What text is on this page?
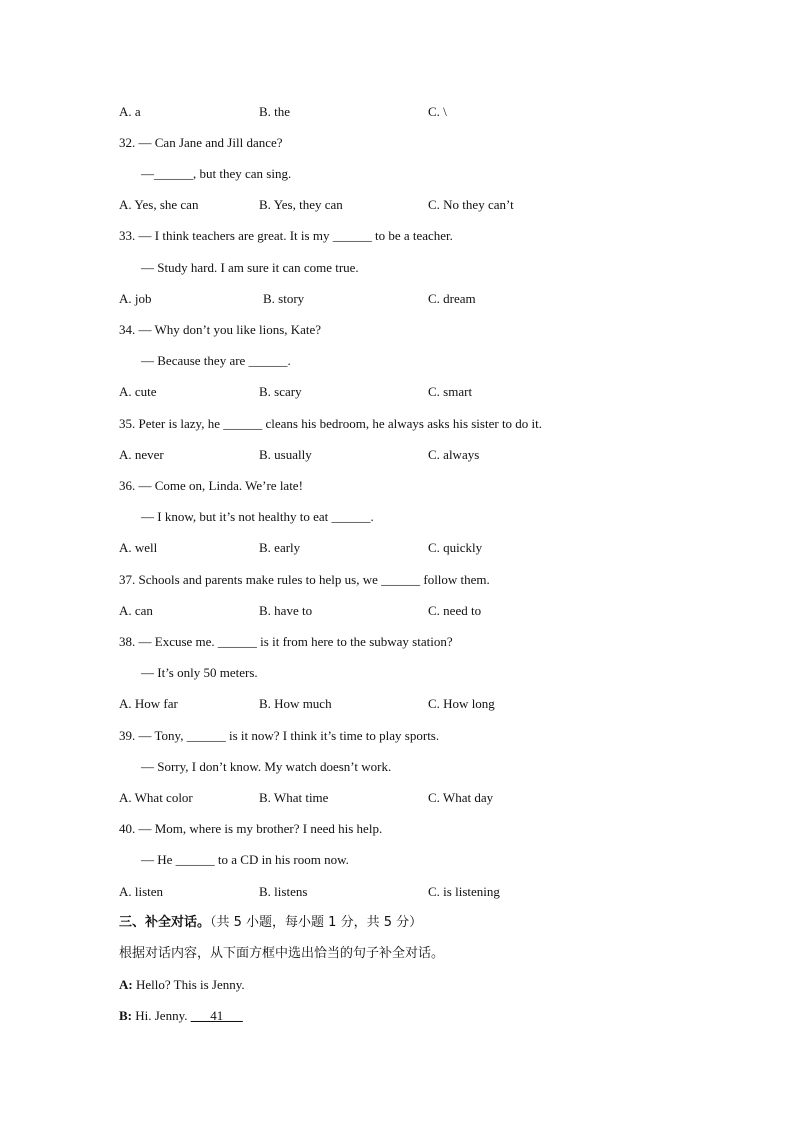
A. a	B. the	C. \
32. — Can Jane and Jill dance?
—______, but they can sing.
A. Yes, she can	B. Yes, they can	C. No they can’t
33. — I think teachers are great. It is my ______ to be a teacher.
— Study hard. I am sure it can come true.
A. job	B. story	C. dream
34. — Why don’t you like lions, Kate?
— Because they are ______.
A. cute	B. scary	C. smart
35. Peter is lazy, he ______ cleans his bedroom, he always asks his sister to do it.
A. never	B. usually	C. always
36. — Come on, Linda. We’re late!
— I know, but it’s not healthy to eat ______.
A. well	B. early	C. quickly
37. Schools and parents make rules to help us, we ______ follow them.
A. can	B. have to	C. need to
38. — Excuse me. ______ is it from here to the subway station?
— It’s only 50 meters.
A. How far	B. How much	C. How long
39. — Tony, ______ is it now? I think it’s time to play sports.
— Sorry, I don’t know. My watch doesn’t work.
A. What color	B. What time	C. What day
40. — Mom, where is my brother? I need his help.
— He ______ to a CD in his room now.
A. listen	B. listens	C. is listening
三、补全对话。（共 5 小题，每小题 1 分，共 5 分）
根据对话内容，从下面方框中选出恰当的句子补全对话。
A: Hello? This is Jenny.
B: Hi. Jenny. ___41___
